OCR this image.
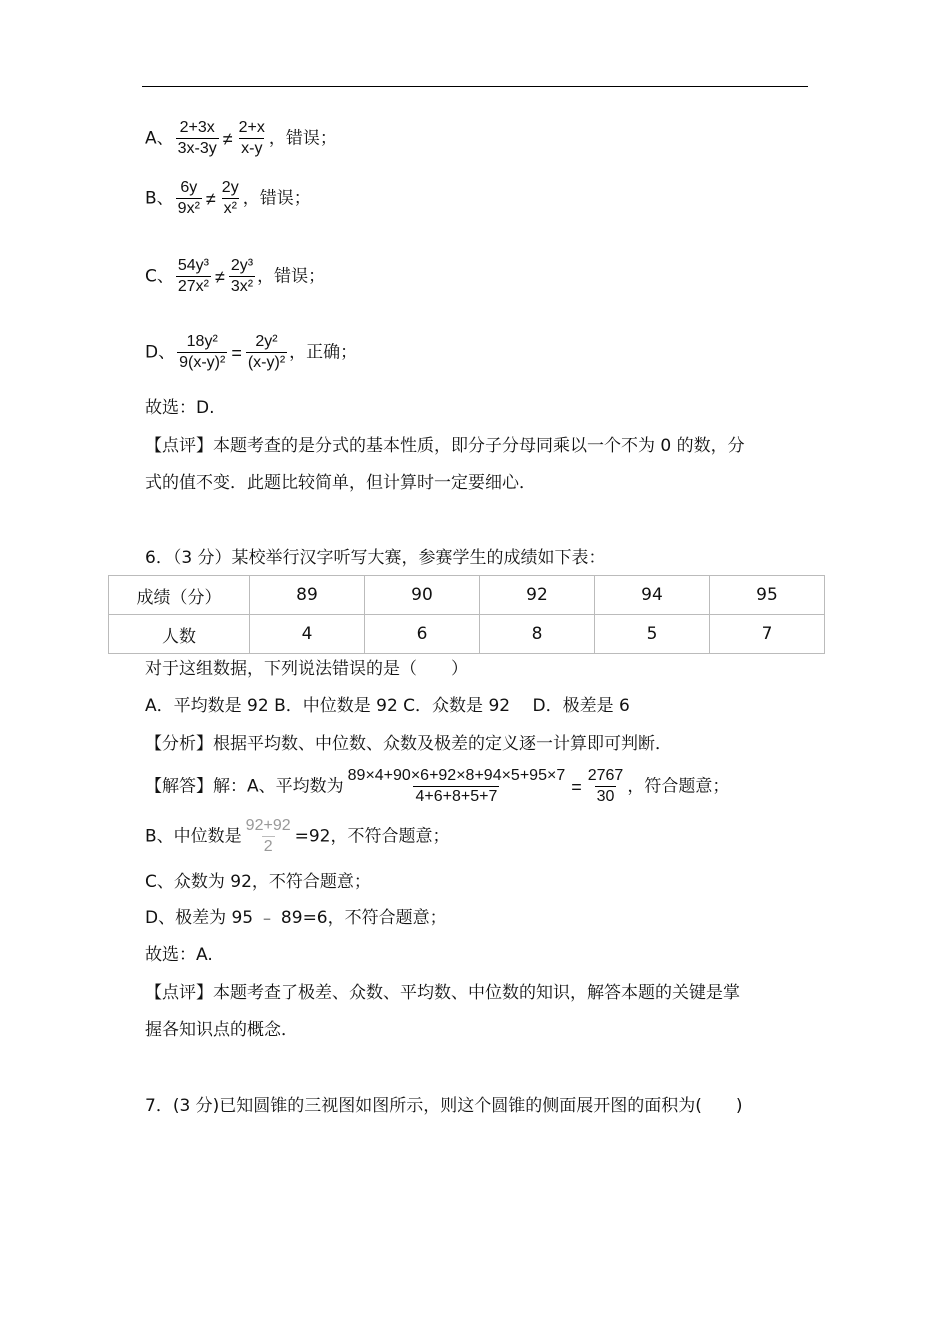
A、 $\frac{2+3x}{3x-3y} \ne \frac{2+x}{x-y}$ ，错误；
B、 $\frac{6y}{\text{9x²}} \ne \frac{2y}{\text{x²}}$ ，错误；
C、 $\frac{\text{54y³}}{\text{27x²}} \ne \frac{\text{2y³}}{\text{3x²}}$ ，错误；
D、 $\frac{\text{18y²}}{\text{9(x-y)²}} = \frac{\text{2y²}}{\text{(x-y)²}}$ ，正确；
故选：D.
【点评】本题考查的是分式的基本性质，即分子分母同乘以一个不为 0 的数，分
式的值不变．此题比较简单，但计算时一定要细心．
6．（3 分）某校举行汉字听写大赛，参赛学生的成绩如下表：
成绩（分）	89	90	92	94	95
人数	4	6	8	5	7
对于这组数据，下列说法错误的是（　　）
A．平均数是 92 B．中位数是 92 C．众数是 92　 D．极差是 6
【分析】根据平均数、中位数、众数及极差的定义逐一计算即可判断．
【解答】解：A、平均数为 $\frac{89\times 4+90\times 6+92\times 8+94\times 5+95\times 7}{4+6+8+5+7} = \frac{2767}{30}$ ，符合题意；
B、中位数是 $\frac{92+92}{2} =92$，不符合题意；
C、众数为 92，不符合题意；
D、极差为 95 ﹣ 89=6，不符合题意；
故选：A.
【点评】本题考查了极差、众数、平均数、中位数的知识，解答本题的关键是掌
握各知识点的概念．
7．(3 分)已知圆锥的三视图如图所示，则这个圆锥的侧面展开图的面积为(　　)
